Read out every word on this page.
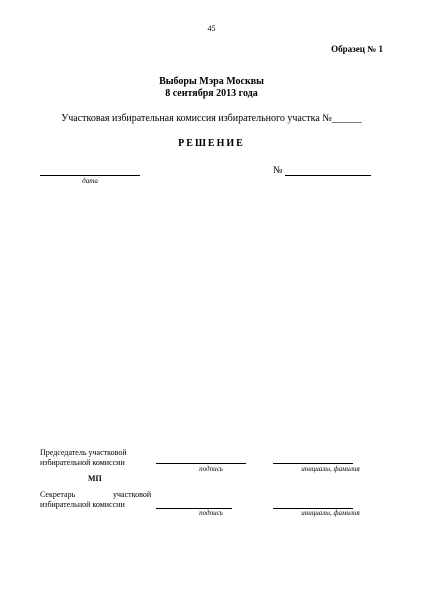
45
Образец № 1
Выборы Мэра Москвы
8 сентября 2013 года
Участковая избирательная комиссия избирательного участка №______
РЕШЕНИЕ
дата
№
Председатель участковой
избирательной комиссии
подпись	инициалы, фамилия
МП
Секретарь	участковой
избирательной комиссии
подпись	инициалы, фамилия
